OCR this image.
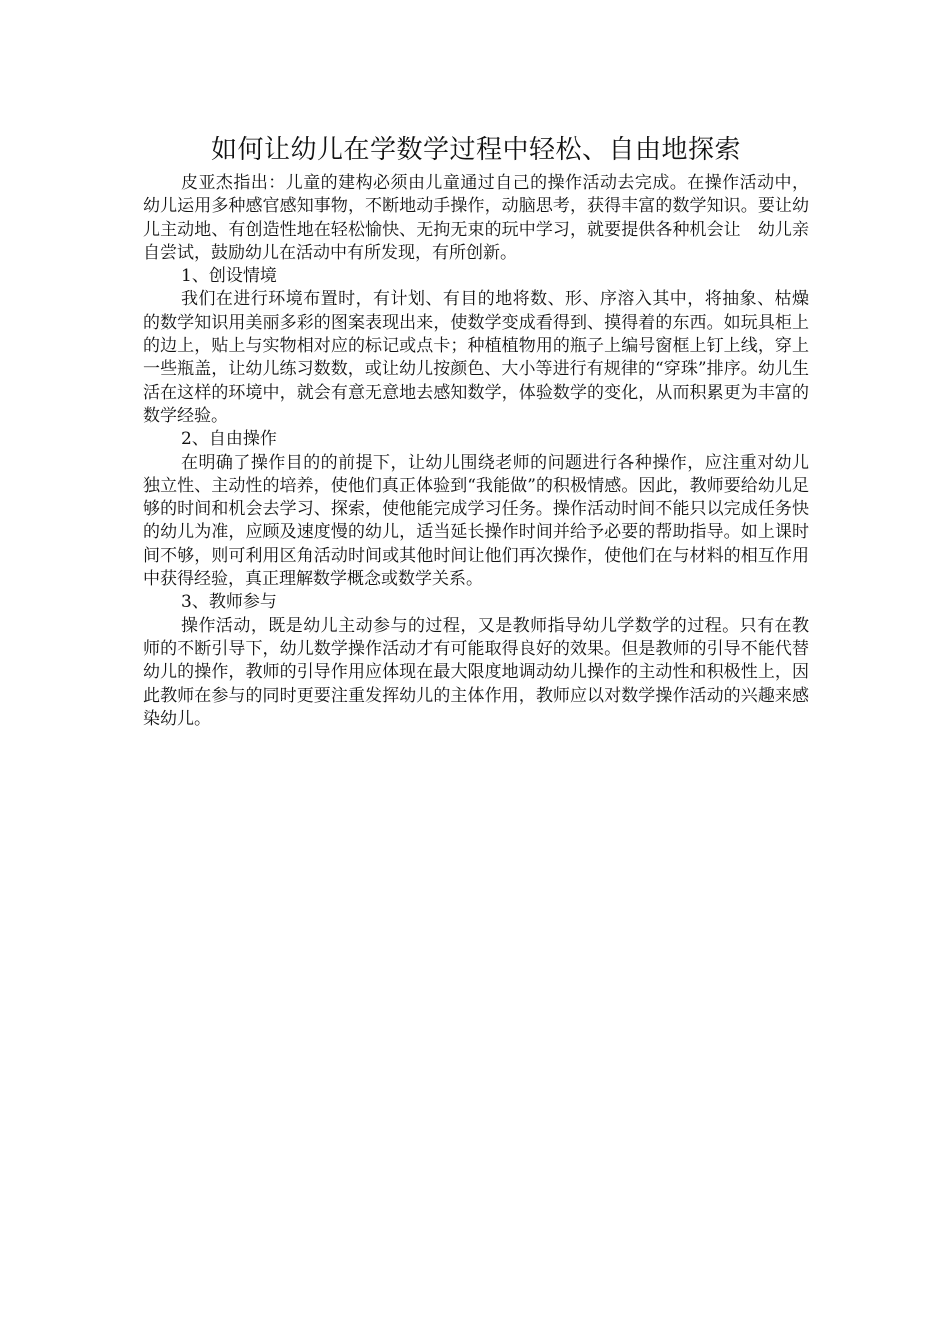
如何让幼儿在学数学过程中轻松、自由地探索

皮亚杰指出：儿童的建构必须由儿童通过自己的操作活动去完成。在操作活动中，幼儿运用多种感官感知事物，不断地动手操作，动脑思考，获得丰富的数学知识。要让幼儿主动地、有创造性地在轻松愉快、无拘无束的玩中学习，就要提供各种机会让　幼儿亲自尝试，鼓励幼儿在活动中有所发现，有所创新。

1、创设情境

我们在进行环境布置时，有计划、有目的地将数、形、序溶入其中，将抽象、枯燥的数学知识用美丽多彩的图案表现出来，使数学变成看得到、摸得着的东西。如玩具柜上的边上，贴上与实物相对应的标记或点卡；种植植物用的瓶子上编号窗框上钉上线，穿上一些瓶盖，让幼儿练习数数，或让幼儿按颜色、大小等进行有规律的“穿珠”排序。幼儿生活在这样的环境中，就会有意无意地去感知数学，体验数学的变化，从而积累更为丰富的数学经验。

2、自由操作

在明确了操作目的的前提下，让幼儿围绕老师的问题进行各种操作，应注重对幼儿独立性、主动性的培养，使他们真正体验到“我能做”的积极情感。因此，教师要给幼儿足够的时间和机会去学习、探索，使他能完成学习任务。操作活动时间不能只以完成任务快的幼儿为准，应顾及速度慢的幼儿，适当延长操作时间并给予必要的帮助指导。如上课时间不够，则可利用区角活动时间或其他时间让他们再次操作，使他们在与材料的相互作用中获得经验，真正理解数学概念或数学关系。

3、教师参与

操作活动，既是幼儿主动参与的过程，又是教师指导幼儿学数学的过程。只有在教师的不断引导下，幼儿数学操作活动才有可能取得良好的效果。但是教师的引导不能代替　幼儿的操作，教师的引导作用应体现在最大限度地调动幼儿操作的主动性和积极性上，因此教师在参与的同时更要注重发挥幼儿的主体作用，教师应以对数学操作活动的兴趣来感染幼儿。
